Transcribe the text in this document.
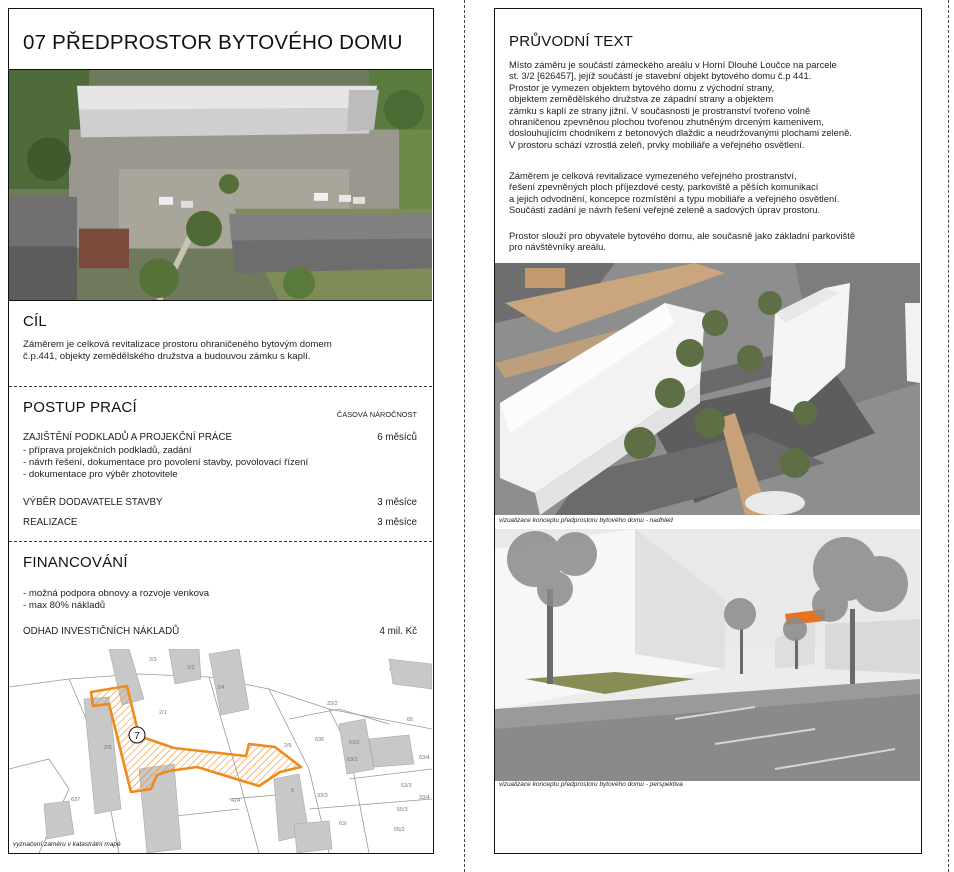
07 PŘEDPROSTOR BYTOVÉHO DOMU
CÍL
Záměrem je celková revitalizace prostoru ohraničeného bytovým domem
č.p.441, objekty zemědělského družstva a budouvou zámku s kaplí.
POSTUP PRACÍ	ČASOVÁ NÁROČNOST
ZAJIŠTĚNÍ PODKLADŮ A PROJEKČNÍ PRÁCE	6 měsíců
- příprava projekčních podkladů, zadání
- návrh řešení, dokumentace pro povolení stavby, povolovací řízení
- dokumentace pro výběr zhotovitele
VÝBĚR DODAVATELE STAVBY	3 měsíce
REALIZACE	3 měsíce
FINANCOVÁNÍ
- možná podpora obnovy a rozvoje venkova
- max 80% nákladů
ODHAD INVESTIČNÍCH NÁKLADŮ	4 mil. Kč
7
2/3
2/1
2/2
2/4
2/5	2/6
33/2
65
63/2
63/1	63/4
63/3
33/3	33/4
55/3
55/2
636
637	424
5
63/
vyznačení záměru v katastrální mapě
PRŮVODNÍ TEXT
Místo záměru je součástí zámeckého areálu v Horní Dlouhé Loučce na parcele
st. 3/2 [626457], jejíž součástí je stavební objekt bytového domu č.p 441.
Prostor je vymezen objektem bytového domu z východní strany,
objektem zemědělského družstva ze západní strany a objektem
zámku s kaplí ze strany jižní. V současnosti je prostranství tvořeno volně
ohraničenou zpevněnou plochou tvořenou zhutněným drceným kamenivem,
doslouhujícím chodníkem z betonových dlaždic a neudržovanými plochami zeleně.
V prostoru schází vzrostlá zeleň, prvky mobiliáře a veřejného osvětlení.
Záměrem je celková revitalizace vymezeného veřejného prostranství,
řešení zpevněných ploch příjezdové cesty, parkoviště a pěších komunikací
a jejich odvodnění, koncepce rozmístění a typu mobiliáře a veřejného osvětlení.
Součástí zadání je návrh řešení veřejné zeleně a sadových úprav prostoru.
Prostor slouží pro obyvatele bytového domu, ale současně jako základní parkoviště
pro návštěvníky areálu.
vizualizace konceptu předprostoru bytového domu - nadhled
vizualizace konceptu předprostoru bytového domu - perspektiva
